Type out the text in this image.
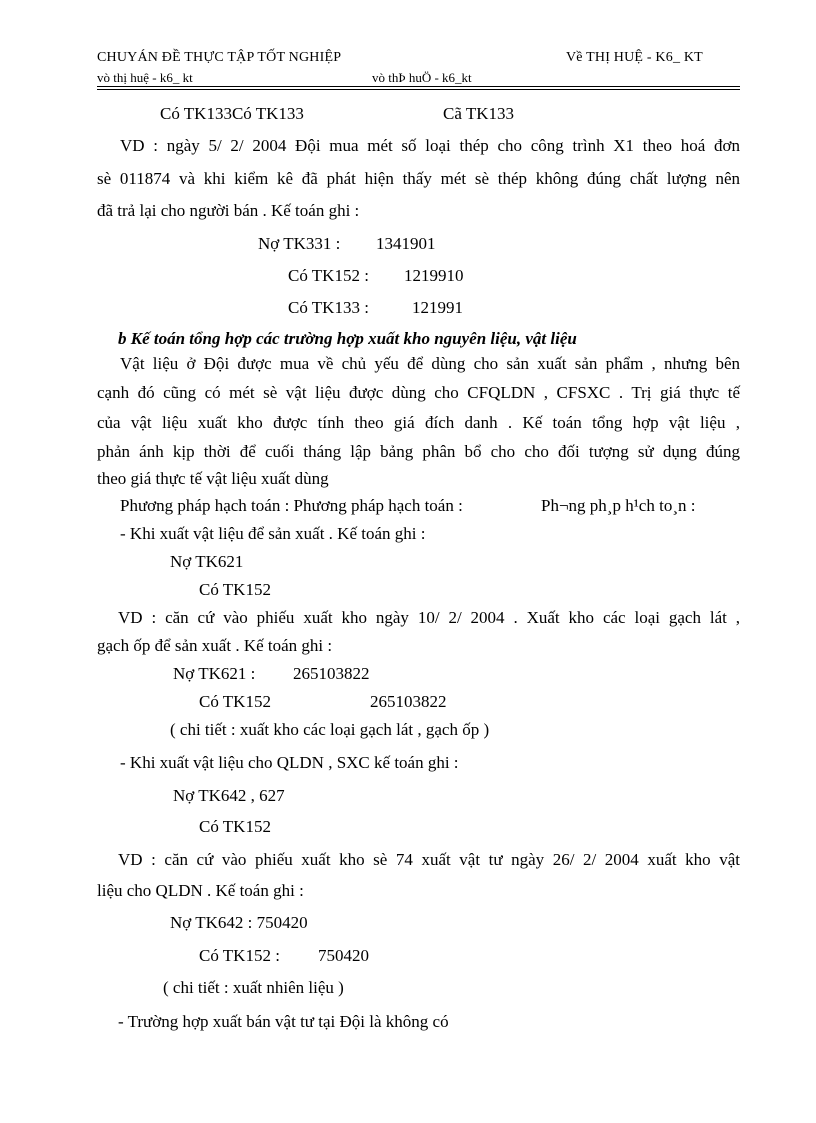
CHUYÁN ĐỀ THỰC TẬP TỐT NGHIỆP	Về THỊ HUỆ - K6_ KT
vò thị huệ - k6_ kt	vò thÞ huÖ - k6_kt
Có TK133Có TK133	Cã TK133
VD : ngày 5/ 2/ 2004 Đội mua mét số loại thép cho công trình X1 theo hoá đơn
sè 011874 và khi kiểm kê đã phát hiện thấy mét sè thép không đúng chất lượng nên
đã trả lại cho người bán . Kế toán ghi :
Nợ TK331 : 1341901
Có TK152 : 1219910
Có TK133 :	121991
b Kế toán tổng hợp các trường hợp xuất kho nguyên liệu, vật liệu
Vật liệu ở Đội được mua về chủ yếu để dùng cho sản xuất sản phẩm , nhưng bên
cạnh đó cũng có mét sè vật liệu được dùng cho CFQLDN , CFSXC . Trị giá thực tế
của vật liệu xuất kho được tính theo giá đích danh . Kế toán tổng hợp vật liệu ,
phản ánh kịp thời để cuối tháng lập bảng phân bổ cho cho đối tượng sử dụng đúng
theo giá thực tế vật liệu xuất dùng
Phương pháp hạch toán : Phương pháp hạch toán :	Ph¬ng ph¸p h¹ch to¸n :
- Khi xuất vật liệu để sản xuất . Kế toán ghi :
Nợ TK621
Có TK152
VD : căn cứ vào phiếu xuất kho ngày 10/ 2/ 2004 . Xuất kho các loại gạch lát ,
gạch ốp để sản xuất . Kế toán ghi :
Nợ TK621 : 265103822
Có TK152	265103822
( chi tiết : xuất kho các loại gạch lát , gạch ốp )
- Khi xuất vật liệu cho QLDN , SXC kế toán ghi :
Nợ TK642 , 627
Có TK152
VD : căn cứ vào phiếu xuất kho sè 74 xuất vật tư ngày 26/ 2/ 2004 xuất kho vật
liệu cho QLDN . Kế toán ghi :
Nợ TK642 : 750420
Có TK152 : 750420
( chi tiết : xuất nhiên liệu )
- Trường hợp xuất bán vật tư tại Đội là không có
